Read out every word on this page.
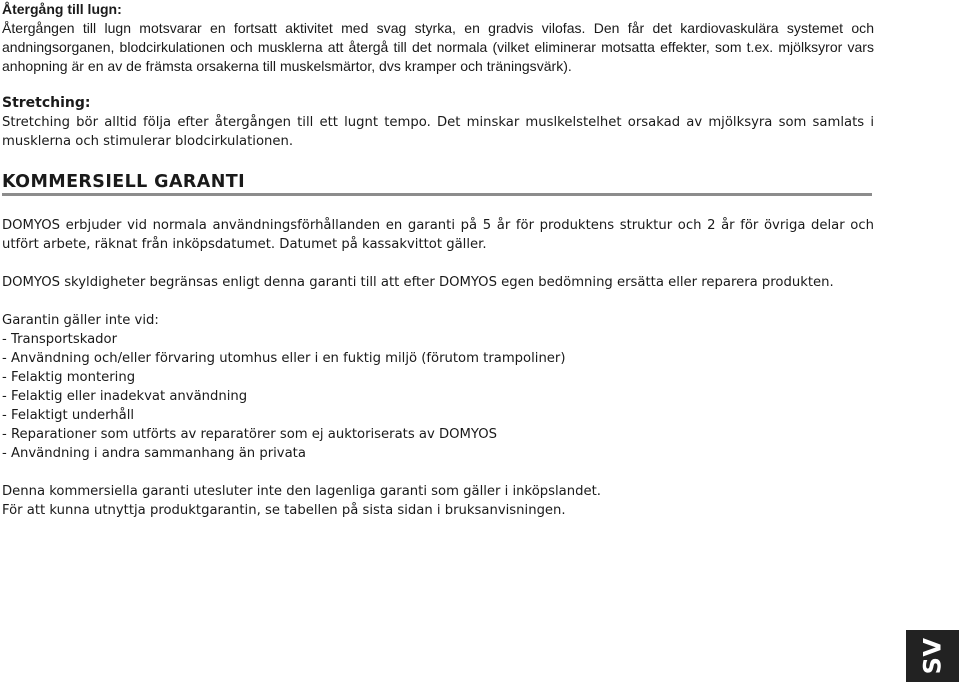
Återgång till lugn:

Återgången till lugn motsvarar en fortsatt aktivitet med svag styrka, en gradvis vilofas. Den får det kardiovaskulära systemet och andningsorganen, blodcirkulationen och musklerna att återgå till det normala (vilket eliminerar motsatta effekter, som t.ex. mjölksyror vars anhopning är en av de främsta orsakerna till muskelsmärtor, dvs kramper och träningsvärk).

Stretching:

Stretching bör alltid följa efter återgången till ett lugnt tempo. Det minskar muslkelstelhet orsakad av mjölksyra som samlats i musklerna och stimulerar blodcirkulationen.

KOMMERSIELL GARANTI

DOMYOS erbjuder vid normala användningsförhållanden en garanti på 5 år för produktens struktur och 2 år för övriga delar och utfört arbete, räknat från inköpsdatumet. Datumet på kassakvittot gäller.

DOMYOS skyldigheter begränsas enligt denna garanti till att efter DOMYOS egen bedömning ersätta eller reparera produkten.

Garantin gäller inte vid:

- Transportskador
- Användning och/eller förvaring utomhus eller i en fuktig miljö (förutom trampoliner)
- Felaktig montering
- Felaktig eller inadekvat användning
- Felaktigt underhåll
- Reparationer som utförts av reparatörer som ej auktoriserats av DOMYOS
- Användning i andra sammanhang än privata

Denna kommersiella garanti utesluter inte den lagenliga garanti som gäller i inköpslandet.

För att kunna utnyttja produktgarantin, se tabellen på sista sidan i bruksanvisningen.

SV
